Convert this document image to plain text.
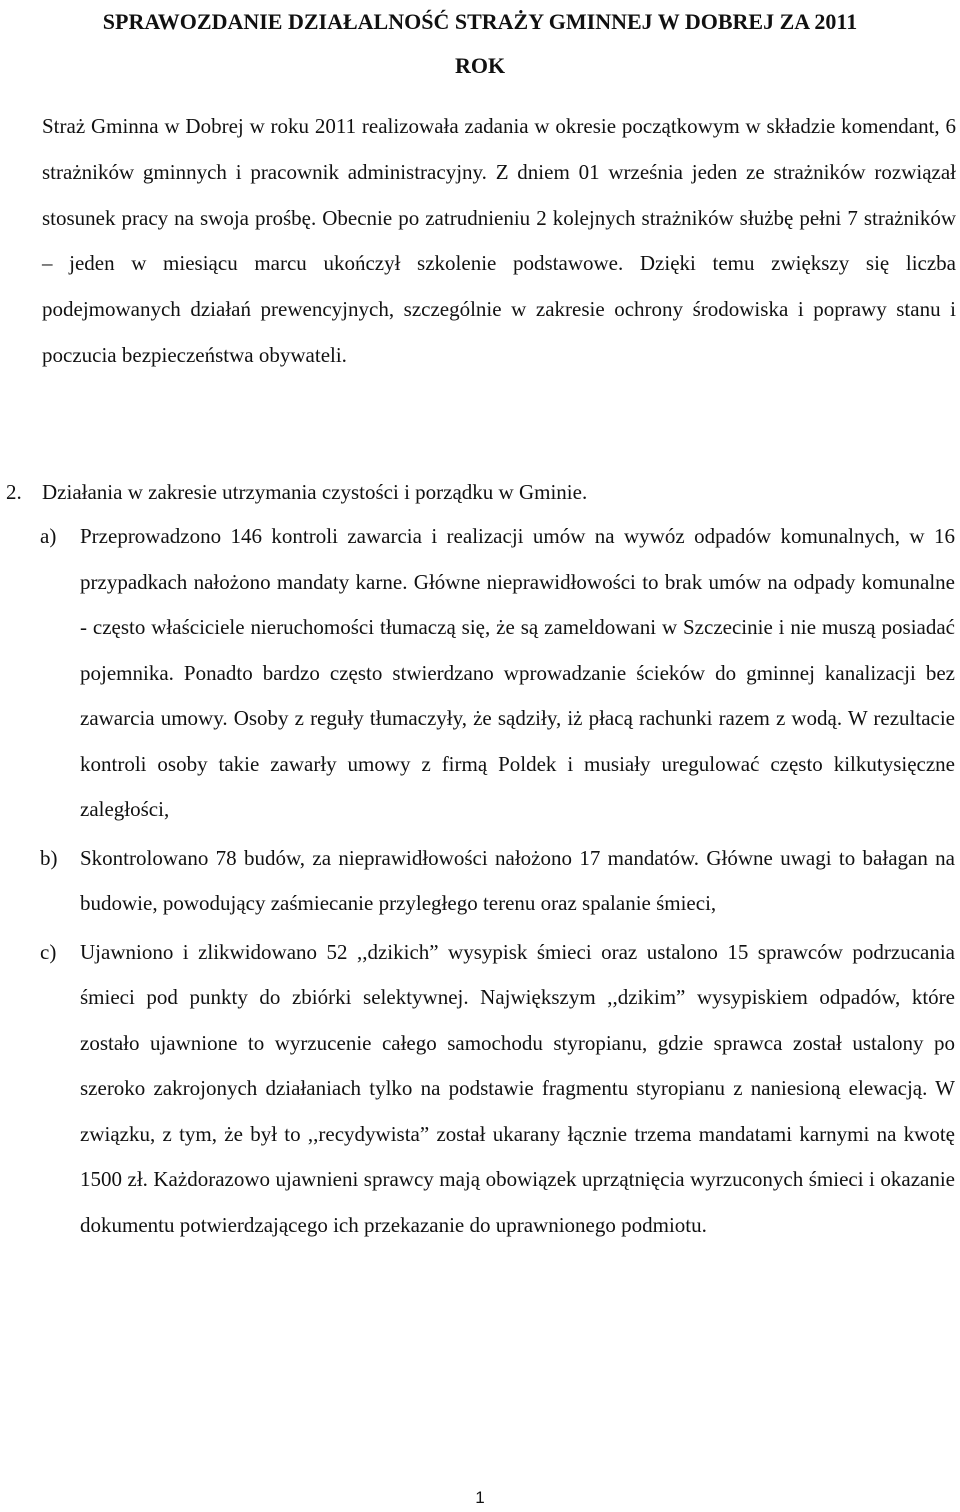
SPRAWOZDANIE DZIAŁALNOŚĆ STRAŻY GMINNEJ W DOBREJ ZA 2011
ROK
Straż Gminna w Dobrej w roku 2011 realizowała zadania w okresie początkowym w składzie komendant, 6 strażników gminnych i pracownik administracyjny. Z dniem 01 września jeden ze strażników rozwiązał stosunek pracy na swoja prośbę. Obecnie po zatrudnieniu 2 kolejnych strażników służbę pełni 7 strażników – jeden w miesiącu marcu ukończył szkolenie podstawowe. Dzięki temu zwiększy się liczba podejmowanych działań prewencyjnych, szczególnie w zakresie ochrony środowiska i poprawy stanu i poczucia bezpieczeństwa obywateli.
2. Działania w zakresie utrzymania czystości i porządku w Gminie.
a) Przeprowadzono 146 kontroli zawarcia i realizacji umów na wywóz odpadów komunalnych, w 16 przypadkach nałożono mandaty karne. Główne nieprawidłowości to brak umów na odpady komunalne - często właściciele nieruchomości tłumaczą się, że są zameldowani w Szczecinie i nie muszą posiadać pojemnika. Ponadto bardzo często stwierdzano wprowadzanie ścieków do gminnej kanalizacji bez zawarcia umowy. Osoby z reguły tłumaczyły, że sądziły, iż płacą rachunki razem z wodą. W rezultacie kontroli osoby takie zawarły umowy z firmą Poldek i musiały uregulować często kilkutysięczne zaległości,
b) Skontrolowano 78 budów, za nieprawidłowości nałożono 17 mandatów. Główne uwagi to bałagan na budowie, powodujący zaśmiecanie przyległego terenu oraz spalanie śmieci,
c) Ujawniono i zlikwidowano 52 ,,dzikich” wysypisk śmieci oraz ustalono 15 sprawców podrzucania śmieci pod punkty do zbiórki selektywnej. Największym ,,dzikim” wysypiskiem odpadów, które zostało ujawnione to wyrzucenie całego samochodu styropianu, gdzie sprawca został ustalony po szeroko zakrojonych działaniach tylko na podstawie fragmentu styropianu z naniesioną elewacją. W związku, z tym, że był to ,,recydywista” został ukarany łącznie trzema mandatami karnymi na kwotę 1500 zł. Każdorazowo ujawnieni sprawcy mają obowiązek uprzątnięcia wyrzuconych śmieci i okazanie dokumentu potwierdzającego ich przekazanie do uprawnionego podmiotu.
1
